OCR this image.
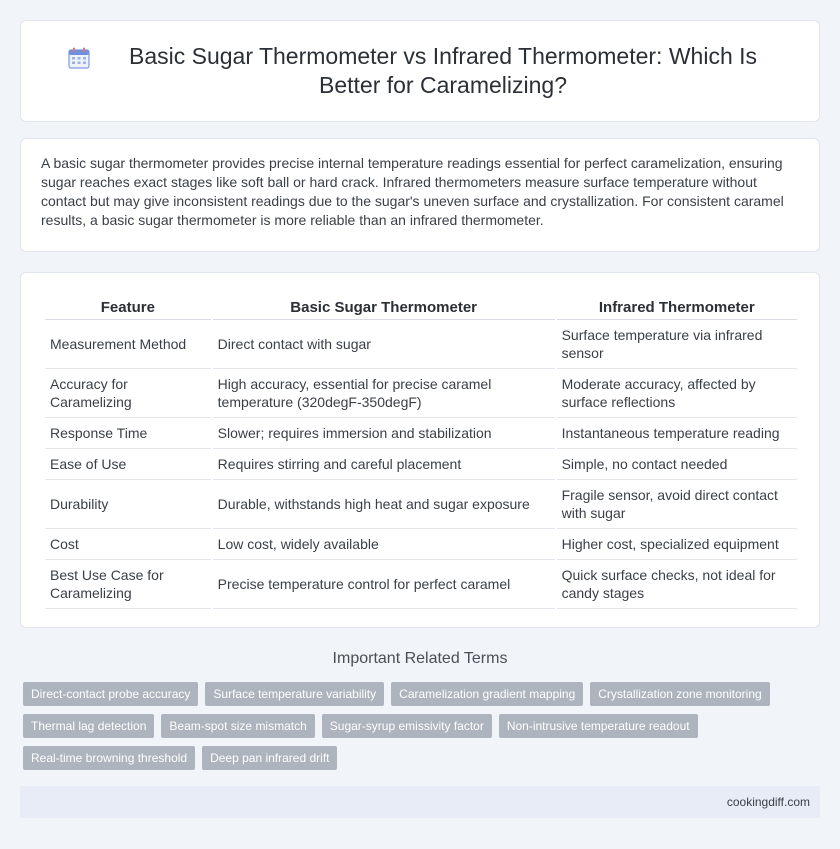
Basic Sugar Thermometer vs Infrared Thermometer: Which Is Better for Caramelizing?

A basic sugar thermometer provides precise internal temperature readings essential for perfect caramelization, ensuring sugar reaches exact stages like soft ball or hard crack. Infrared thermometers measure surface temperature without contact but may give inconsistent readings due to the sugar's uneven surface and crystallization. For consistent caramel results, a basic sugar thermometer is more reliable than an infrared thermometer.

Feature	Basic Sugar Thermometer	Infrared Thermometer
Measurement Method	Direct contact with sugar	Surface temperature via infrared sensor
Accuracy for Caramelizing	High accuracy, essential for precise caramel temperature (320degF-350degF)	Moderate accuracy, affected by surface reflections
Response Time	Slower; requires immersion and stabilization	Instantaneous temperature reading
Ease of Use	Requires stirring and careful placement	Simple, no contact needed
Durability	Durable, withstands high heat and sugar exposure	Fragile sensor, avoid direct contact with sugar
Cost	Low cost, widely available	Higher cost, specialized equipment
Best Use Case for Caramelizing	Precise temperature control for perfect caramel	Quick surface checks, not ideal for candy stages
Important Related Terms
Direct-contact probe accuracy	Surface temperature variability	Caramelization gradient mapping	Crystallization zone monitoring
Thermal lag detection	Beam-spot size mismatch	Sugar-syrup emissivity factor	Non-intrusive temperature readout
Real-time browning threshold	Deep pan infrared drift
cookingdiff.com
